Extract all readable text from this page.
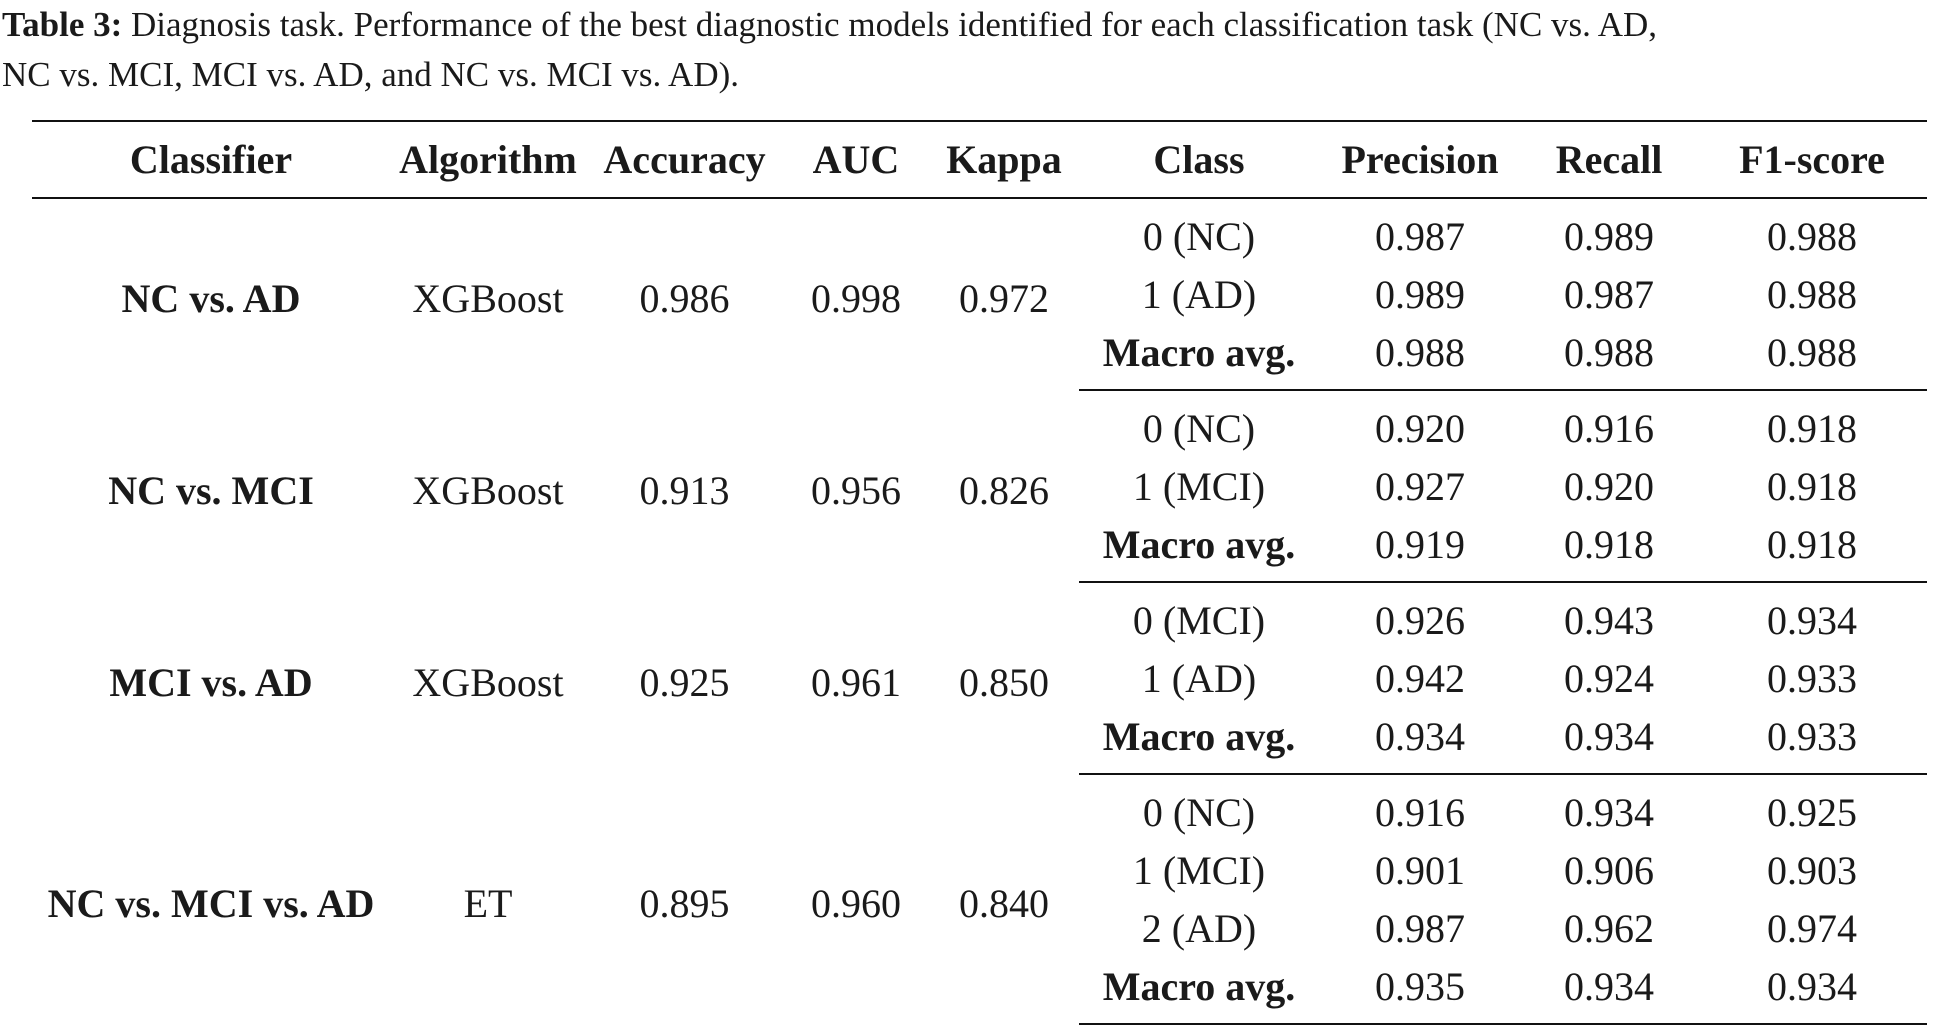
Table 3: Diagnosis task. Performance of the best diagnostic models identified for each classification task (NC vs. AD,
NC vs. MCI, MCI vs. AD, and NC vs. MCI vs. AD).
Classifier	Algorithm	Accuracy	AUC	Kappa	Class	Precision	Recall	F1-score
NC vs. AD	XGBoost	0.986	0.998	0.972	0 (NC)	0.987	0.989	0.988
					1 (AD)	0.989	0.987	0.988
					Macro avg.	0.988	0.988	0.988
NC vs. MCI	XGBoost	0.913	0.956	0.826	0 (NC)	0.920	0.916	0.918
					1 (MCI)	0.927	0.920	0.918
					Macro avg.	0.919	0.918	0.918
MCI vs. AD	XGBoost	0.925	0.961	0.850	0 (MCI)	0.926	0.943	0.934
					1 (AD)	0.942	0.924	0.933
					Macro avg.	0.934	0.934	0.933
NC vs. MCI vs. AD	ET	0.895	0.960	0.840	0 (NC)	0.916	0.934	0.925
					1 (MCI)	0.901	0.906	0.903
					2 (AD)	0.987	0.962	0.974
					Macro avg.	0.935	0.934	0.934
